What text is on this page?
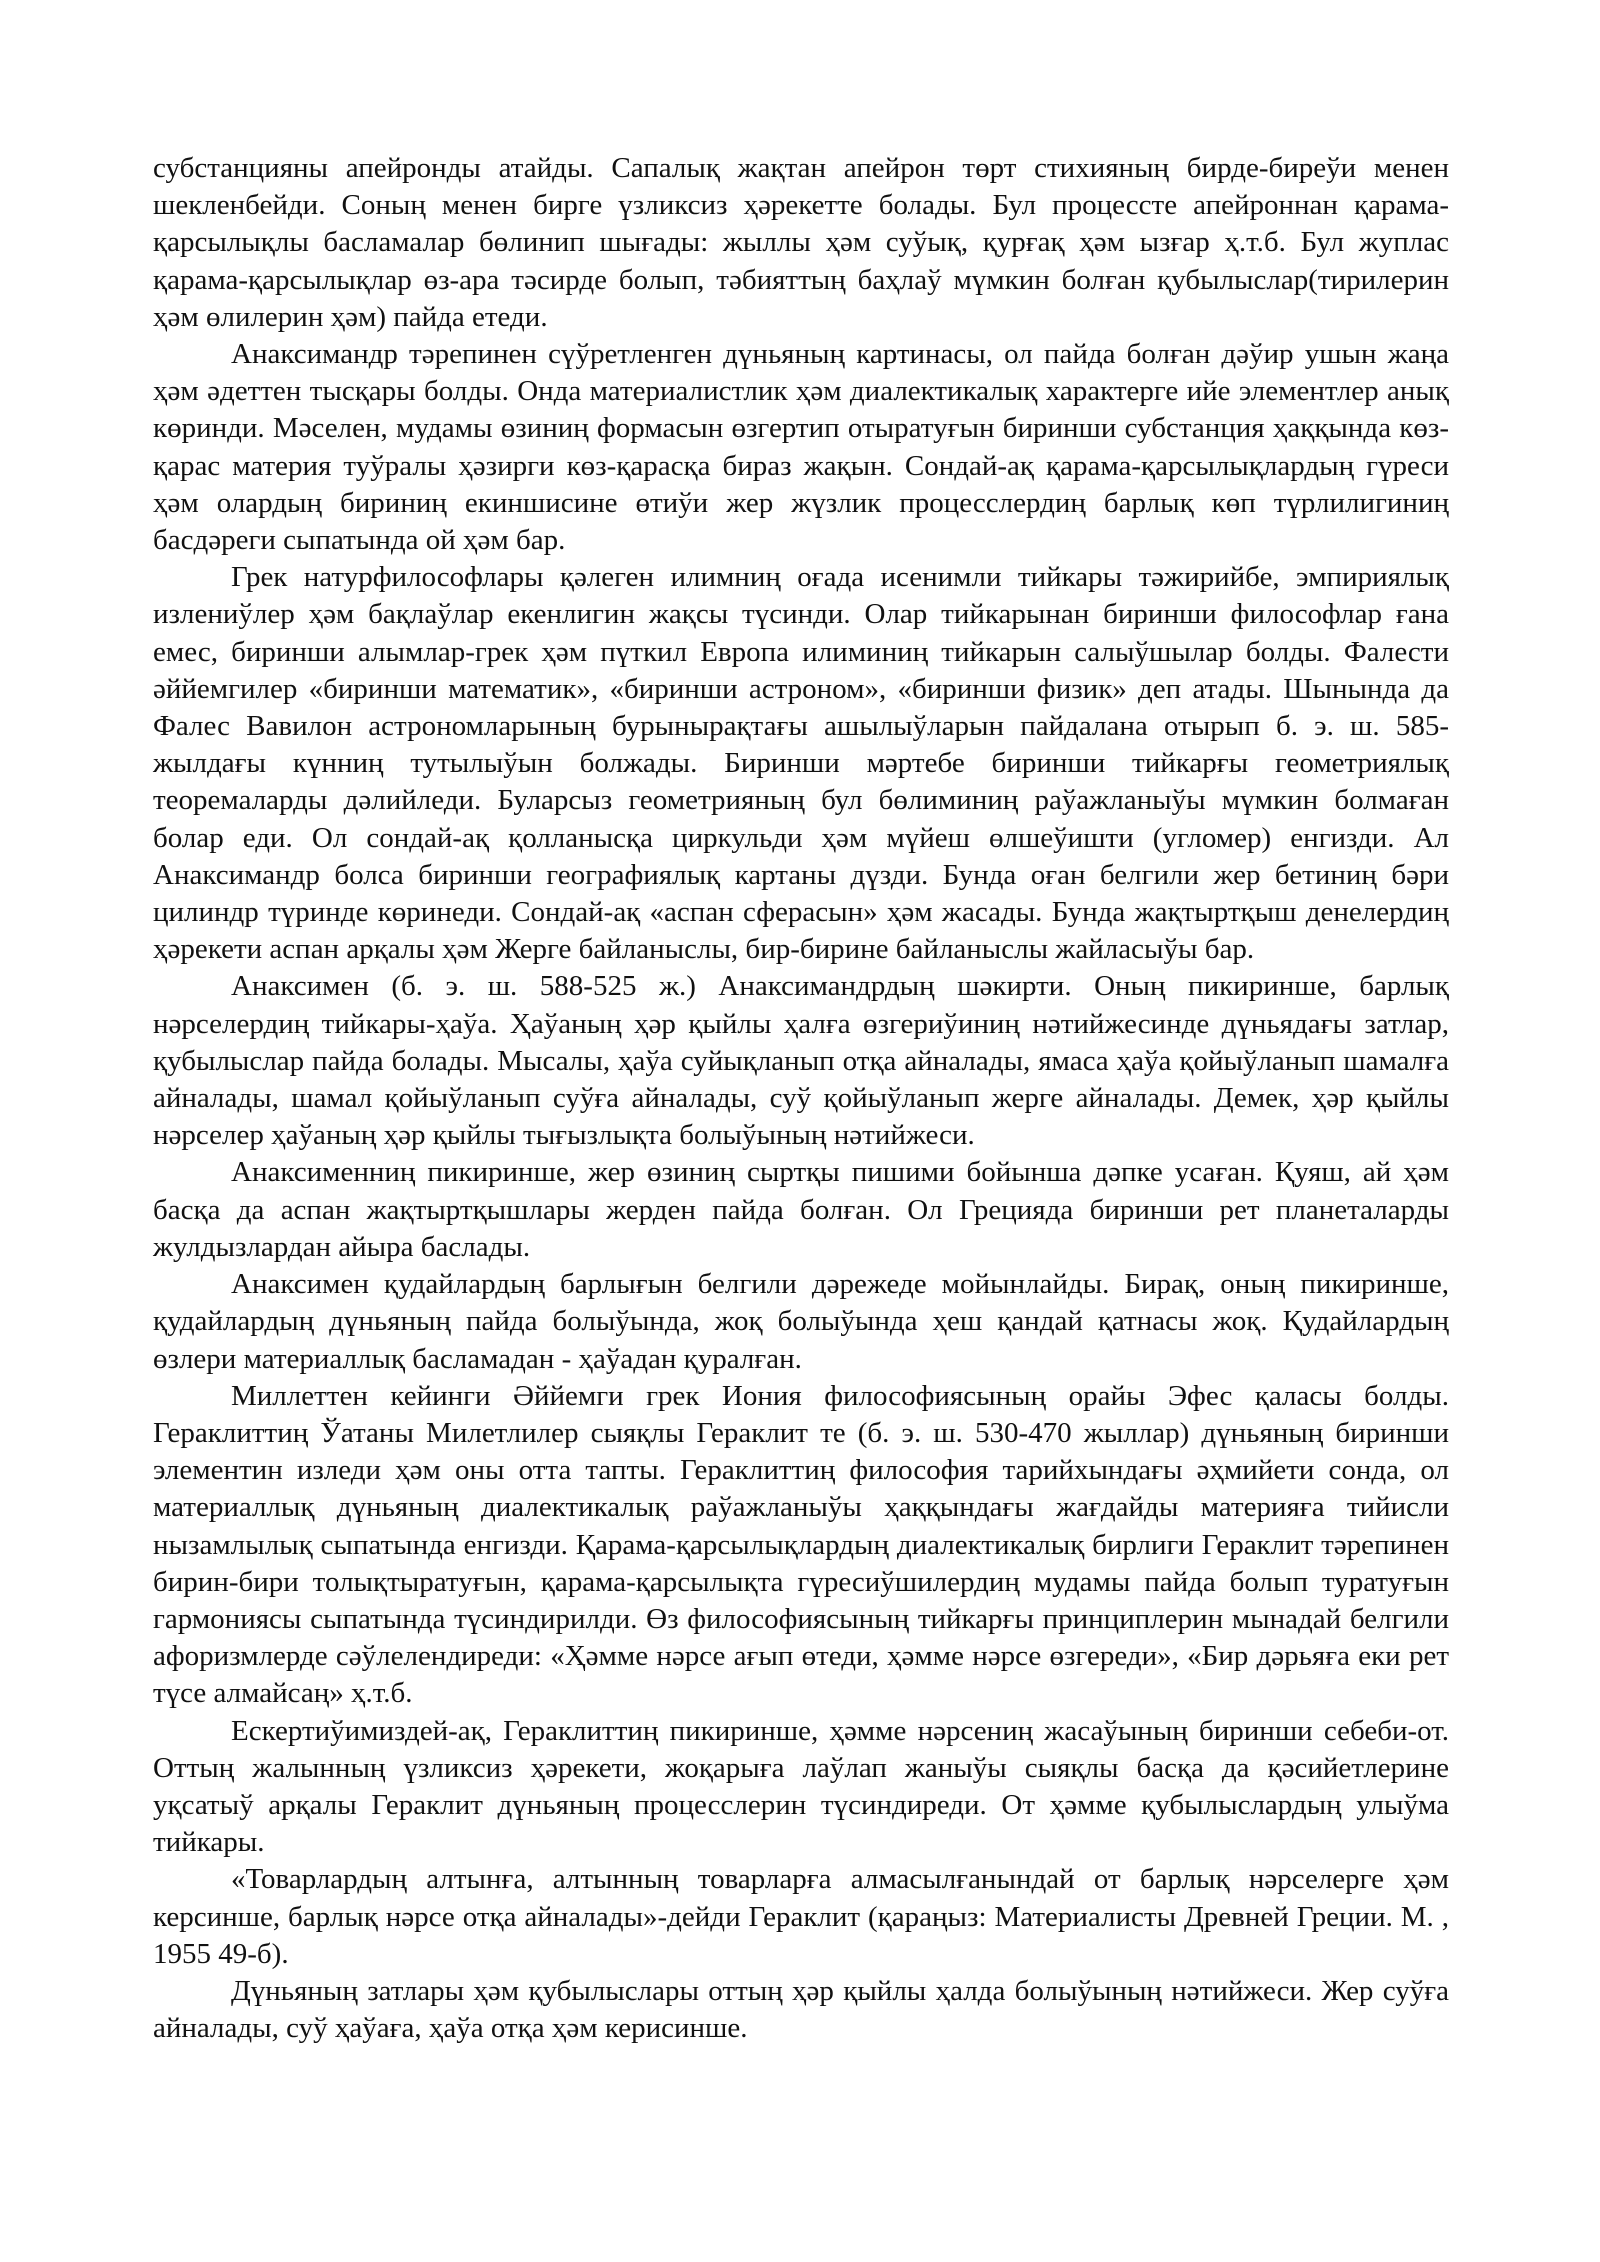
субстанцияны апейронды атайды. Сапалық жақтан апейрон төрт стихияның бирде-биреўи менен шекленбейди. Соның менен бирге үзликсиз ҳәрекетте болады. Бул процессте апейроннан қарама-қарсылықлы басламалар бөлинип шығады: жыллы ҳәм суўық, қурғақ ҳәм ызғар ҳ.т.б. Бул жуплас қарама-қарсылықлар өз-ара тәсирде болып, тәбияттың баҳлаў мүмкин болған қубылыслар(тирилерин ҳәм өлилерин ҳәм) пайда етеди.

Анаксимандр тәрепинен сүўретленген дүньяның картинасы, ол пайда болған дәўир ушын жаңа ҳәм әдеттен тысқары болды. Онда материалистлик ҳәм диалектикалық характерге ийе элементлер анық көринди. Мәселен, мудамы өзиниң формасын өзгертип отыратуғын биринши субстанция ҳаққында көз-қарас материя туўралы ҳәзирги көз-қарасқа бираз жақын. Сондай-ақ қарама-қарсылықлардың гүреси ҳәм олардың бириниң екиншисине өтиўи жер жүзлик процесслердиң барлық көп түрлилигиниң басдәреги сыпатында ой ҳәм бар.

Грек натурфилософлары қәлеген илимниң оғада исенимли тийкары тәжирийбе, эмпириялық излениўлер ҳәм бақлаўлар екенлигин жақсы түсинди. Олар тийкарынан биринши философлар ғана емес, биринши алымлар-грек ҳәм пүткил Европа илиминиң тийкарын салыўшылар болды. Фалести әййемгилер «биринши математик», «биринши астроном», «биринши физик» деп атады. Шынында да Фалес Вавилон астрономларының бурынырақтағы ашылыўларын пайдалана отырып б. э. ш. 585-жылдағы күнниң тутылыўын болжады. Биринши мәртебе биринши тийкарғы геометриялық теоремаларды дәлийледи. Буларсыз геометрияның бул бөлиминиң раўажланыўы мүмкин болмаған болар еди. Ол сондай-ақ қолланысқа циркульди ҳәм мүйеш өлшеўишти (угломер) енгизди. Ал Анаксимандр болса биринши географиялық картаны дүзди. Бунда оған белгили жер бетиниң бәри цилиндр түринде көринеди. Сондай-ақ «аспан сферасын» ҳәм жасады. Бунда жақтыртқыш денелердиң ҳәрекети аспан арқалы ҳәм Жерге байланыслы, бир-бирине байланыслы жайласыўы бар.

Анаксимен (б. э. ш. 588-525 ж.) Анаксимандрдың шәкирти. Оның пикиринше, барлық нәрселердиң тийкары-ҳаўа. Ҳаўаның ҳәр қыйлы ҳалға өзгериўиниң нәтийжесинде дүньядағы затлар, қубылыслар пайда болады. Мысалы, ҳаўа суйықланып отқа айналады, ямаса ҳаўа қойыўланып шамалға айналады, шамал қойыўланып суўға айналады, суў қойыўланып жерге айналады. Демек, ҳәр қыйлы нәрселер ҳаўаның ҳәр қыйлы тығызлықта болыўының нәтийжеси.

Анаксименниң пикиринше, жер өзиниң сыртқы пишими бойынша дәпке усаған. Қуяш, ай ҳәм басқа да аспан жақтыртқышлары жерден пайда болған. Ол Грецияда биринши рет планеталарды жулдызлардан айыра баслады.

Анаксимен қудайлардың барлығын белгили дәрежеде мойынлайды. Бирақ, оның пикиринше, қудайлардың дүньяның пайда болыўында, жоқ болыўында ҳеш қандай қатнасы жоқ. Қудайлардың өзлери материаллық басламадан - ҳаўадан қуралған.

Миллеттен кейинги Әййемги грек Иония философиясының орайы Эфес қаласы болды. Гераклиттиң Ўатаны Милетлилер сыяқлы Гераклит те (б. э. ш. 530-470 жыллар) дүньяның биринши элементин изледи ҳәм оны отта тапты. Гераклиттиң философия тарийхындағы әҳмийети сонда, ол материаллық дүньяның диалектикалық раўажланыўы ҳаққындағы жағдайды материяға тийисли нызамлылық сыпатында енгизди. Қарама-қарсылықлардың диалектикалық бирлиги Гераклит тәрепинен бирин-бири толықтыратуғын, қарама-қарсылықта гүресиўшилердиң мудамы пайда болып туратуғын гармониясы сыпатында түсиндирилди. Өз философиясының тийкарғы принциплерин мынадай белгили афоризмлерде сәўлелендиреди: «Ҳәмме нәрсе ағып өтеди, ҳәмме нәрсе өзгереди», «Бир дәрьяға еки рет түсе алмайсаң» ҳ.т.б.

Ескертиўимиздей-ақ, Гераклиттиң пикиринше, ҳәмме нәрсениң жасаўының биринши себеби-от. Оттың жалынның үзликсиз ҳәрекети, жоқарыға лаўлап жаныўы сыяқлы басқа да қәсийетлерине уқсатыў арқалы Гераклит дүньяның процесслерин түсиндиреди. От ҳәмме қубылыслардың улыўма тийкары.

«Товарлардың алтынға, алтынның товарларға алмасылғанындай от барлық нәрселерге ҳәм керсинше, барлық нәрсе отқа айналады»-дейди Гераклит (қараңыз: Материалисты Древней Греции. М. , 1955 49-б).

Дүньяның затлары ҳәм қубылыслары оттың ҳәр қыйлы ҳалда болыўының нәтийжеси. Жер суўға айналады, суў ҳаўаға, ҳаўа отқа ҳәм керисинше.
